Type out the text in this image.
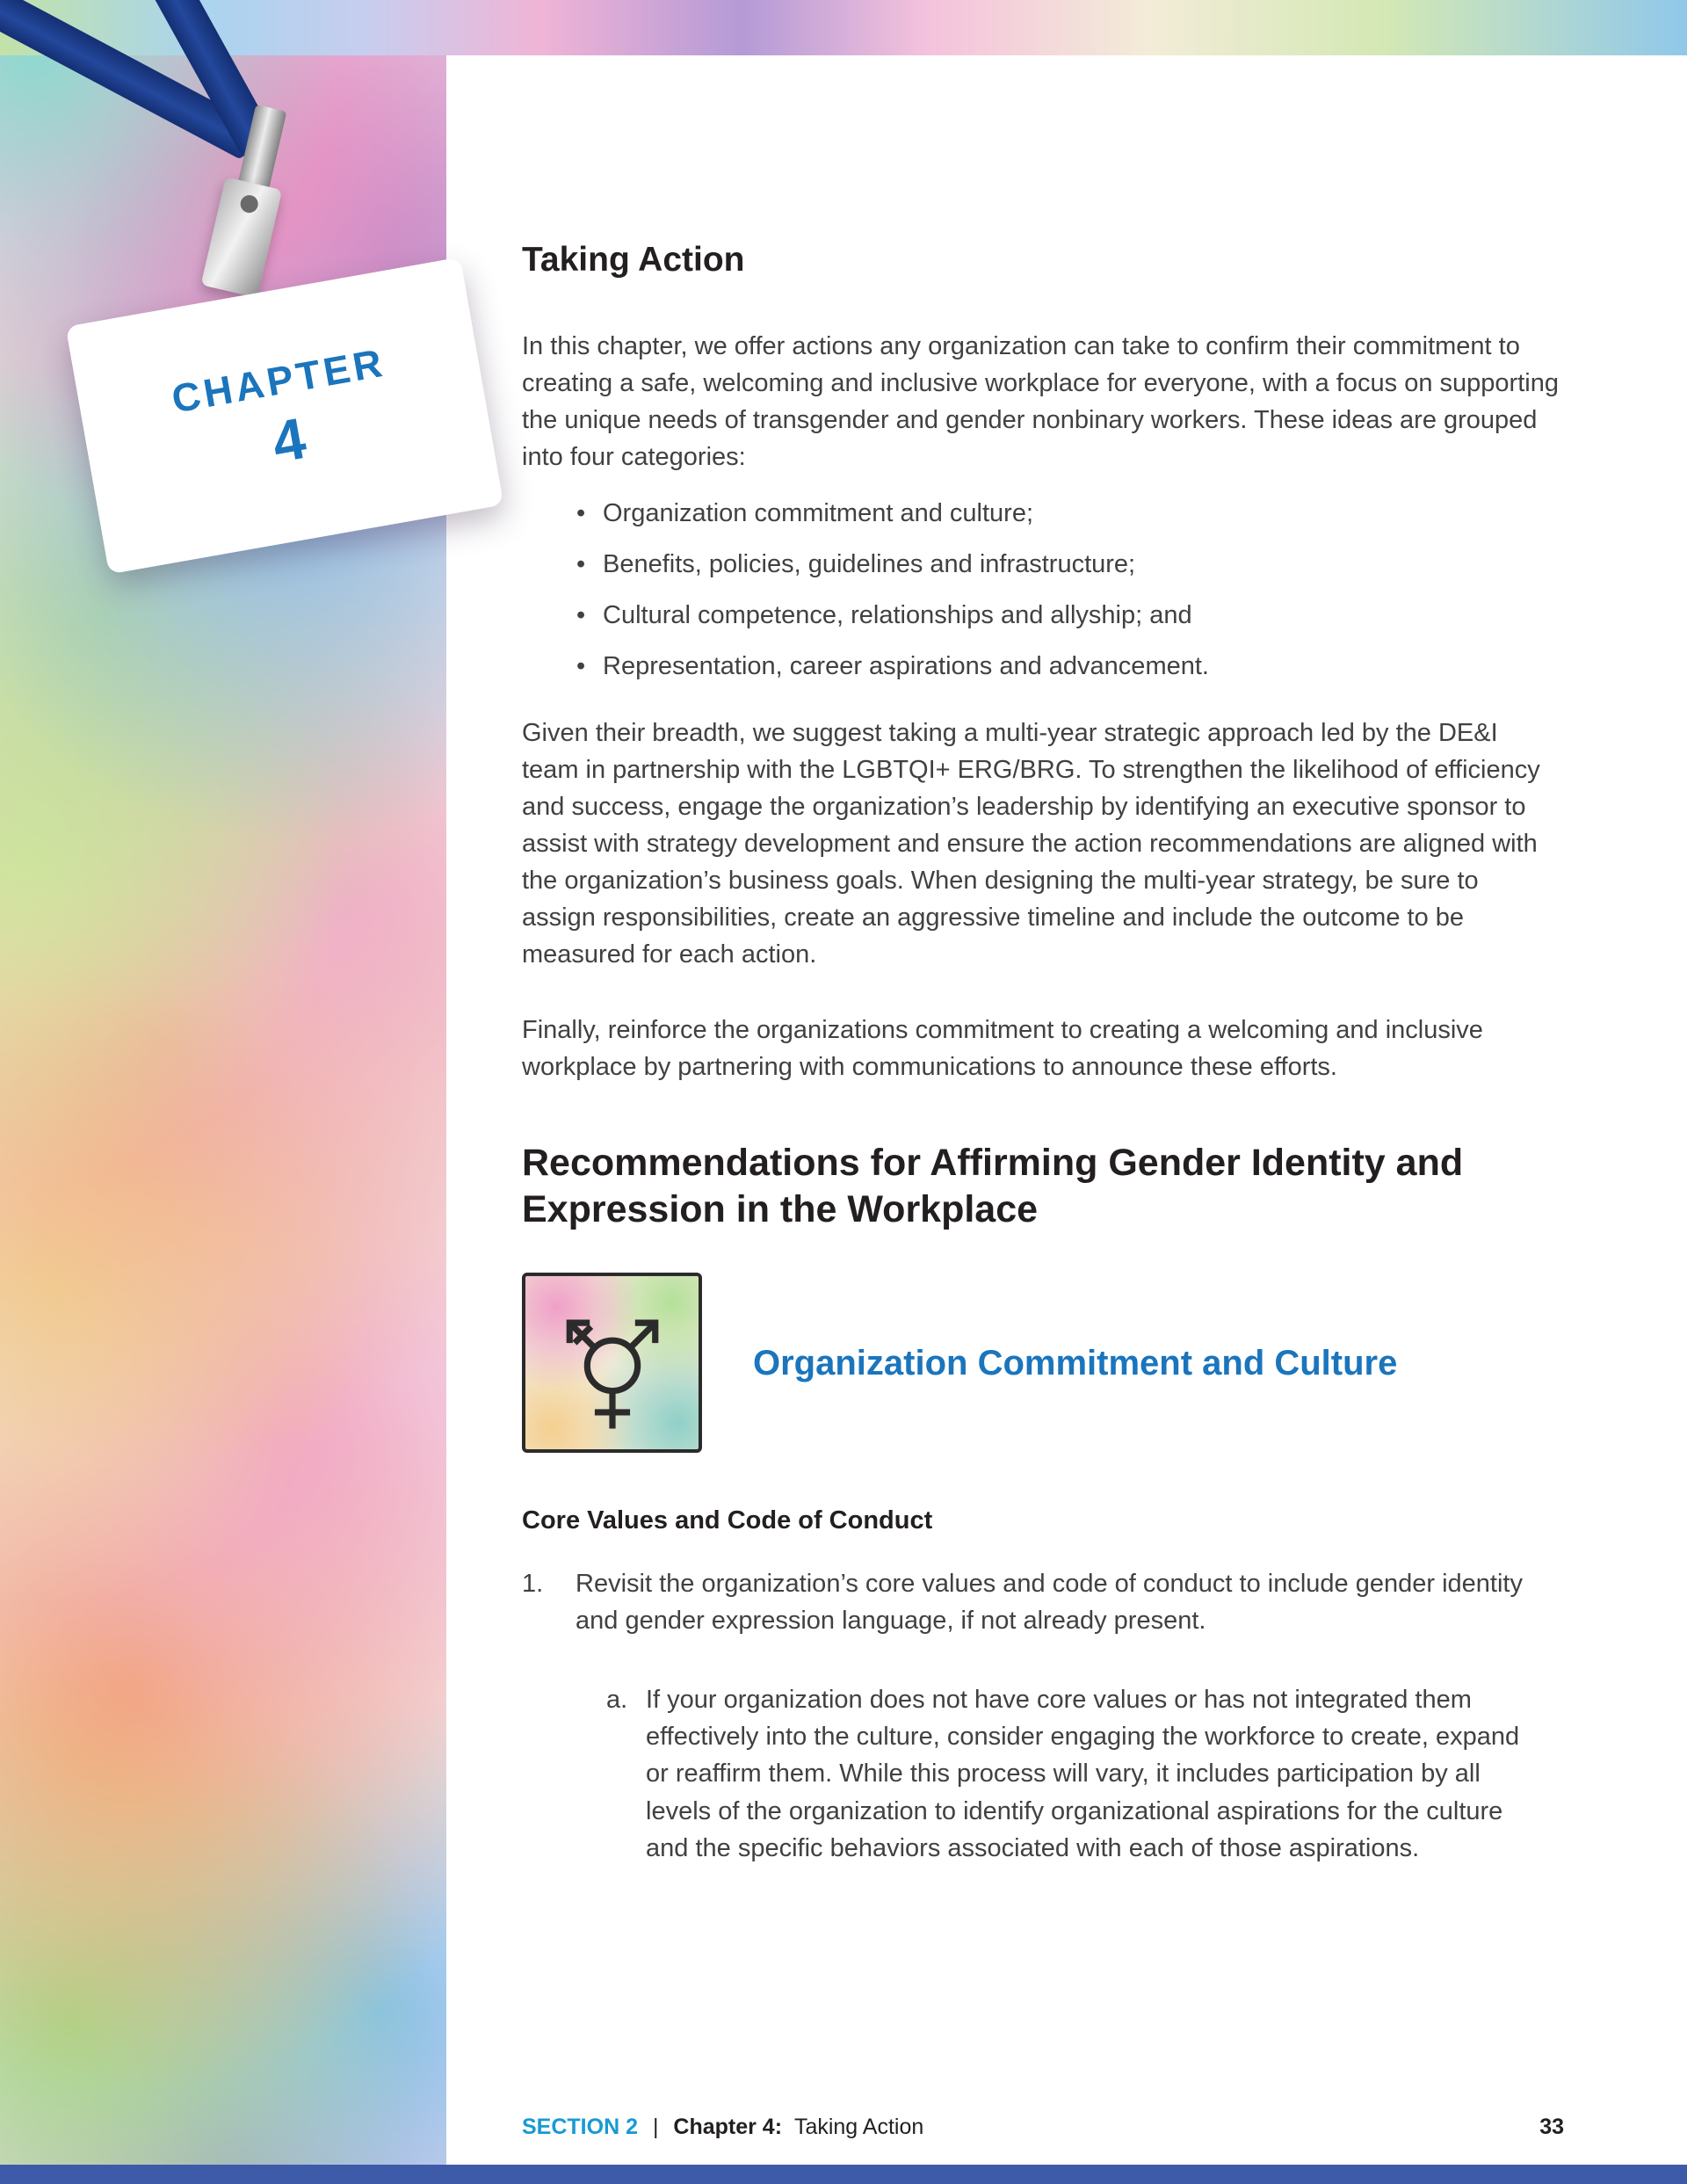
Taking Action

In this chapter, we offer actions any organization can take to confirm their commitment to creating a safe, welcoming and inclusive workplace for everyone, with a focus on supporting the unique needs of transgender and gender nonbinary workers. These ideas are grouped into four categories:

• Organization commitment and culture;
• Benefits, policies, guidelines and infrastructure;
• Cultural competence, relationships and allyship; and
• Representation, career aspirations and advancement.

Given their breadth, we suggest taking a multi-year strategic approach led by the DE&I team in partnership with the LGBTQI+ ERG/BRG. To strengthen the likelihood of efficiency and success, engage the organization’s leadership by identifying an executive sponsor to assist with strategy development and ensure the action recommendations are aligned with the organization’s business goals. When designing the multi-year strategy, be sure to assign responsibilities, create an aggressive timeline and include the outcome to be measured for each action.

Finally, reinforce the organizations commitment to creating a welcoming and inclusive workplace by partnering with communications to announce these efforts.

Recommendations for Affirming Gender Identity and Expression in the Workplace
Organization Commitment and Culture
Core Values and Code of Conduct
1.	Revisit the organization’s core values and code of conduct to include gender identity and gender expression language, if not already present.
a. If your organization does not have core values or has not integrated them effectively into the culture, consider engaging the workforce to create, expand or reaffirm them. While this process will vary, it includes participation by all levels of the organization to identify organizational aspirations for the culture and the specific behaviors associated with each of those aspirations.
SECTION 2 | Chapter 4: Taking Action	33
CHAPTER
4
